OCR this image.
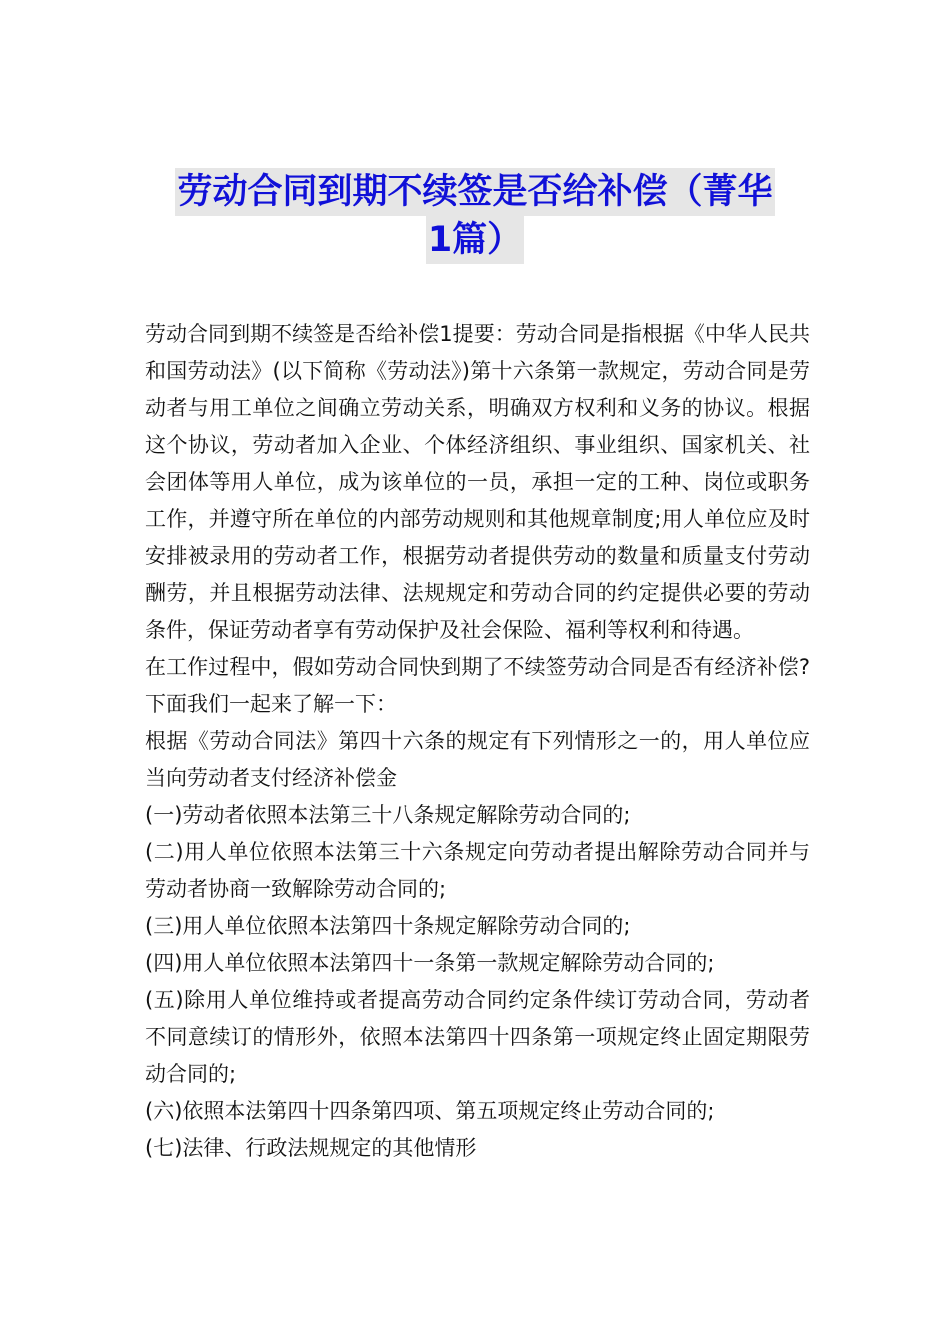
劳动合同到期不续签是否给补偿（菁华
1篇）

劳动合同到期不续签是否给补偿1提要：劳动合同是指根据《中华人民共和国劳动法》(以下简称《劳动法》)第十六条第一款规定，劳动合同是劳动者与用工单位之间确立劳动关系，明确双方权利和义务的协议。根据这个协议，劳动者加入企业、个体经济组织、事业组织、国家机关、社会团体等用人单位，成为该单位的一员，承担一定的工种、岗位或职务工作，并遵守所在单位的内部劳动规则和其他规章制度;用人单位应及时安排被录用的劳动者工作，根据劳动者提供劳动的数量和质量支付劳动酬劳，并且根据劳动法律、法规规定和劳动合同的约定提供必要的劳动条件，保证劳动者享有劳动保护及社会保险、福利等权利和待遇。

在工作过程中，假如劳动合同快到期了不续签劳动合同是否有经济补偿?下面我们一起来了解一下：

根据《劳动合同法》第四十六条的规定有下列情形之一的，用人单位应当向劳动者支付经济补偿金

(一)劳动者依照本法第三十八条规定解除劳动合同的;

(二)用人单位依照本法第三十六条规定向劳动者提出解除劳动合同并与劳动者协商一致解除劳动合同的;

(三)用人单位依照本法第四十条规定解除劳动合同的;

(四)用人单位依照本法第四十一条第一款规定解除劳动合同的;

(五)除用人单位维持或者提高劳动合同约定条件续订劳动合同，劳动者不同意续订的情形外，依照本法第四十四条第一项规定终止固定期限劳动合同的;

(六)依照本法第四十四条第四项、第五项规定终止劳动合同的;

(七)法律、行政法规规定的其他情形
